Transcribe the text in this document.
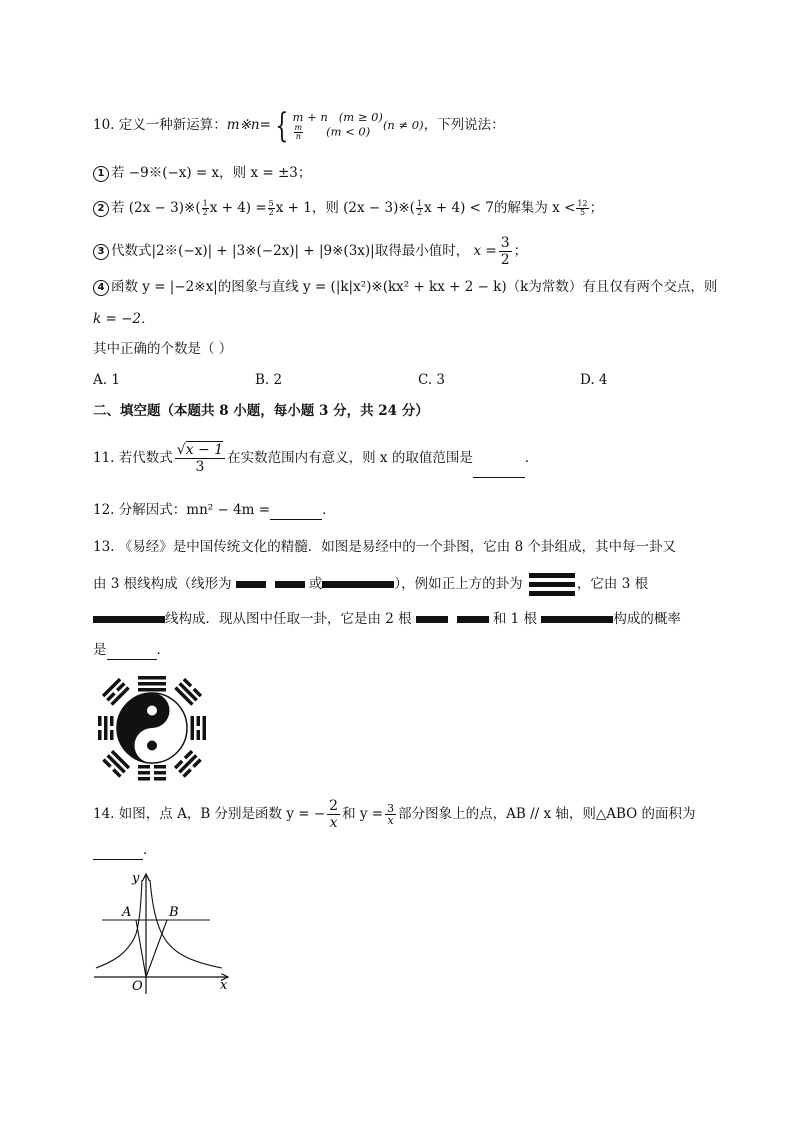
10. 定义一种新运算：m※n= { m + n (m ≥ 0)
$\frac{m}{n} (m < 0)$	(n ≠ 0)，下列说法：
1 若 −9※(−x) = x，则 x = ±3；
2 若 (2x − 3)※( $\frac{1}{2}$ $x + 4) = \frac{5}{2}$ x + 1，则 (2x − 3)※( $\frac{1}{2}$ x + 4) < 7的解集为 $x < \frac{12}{5}$ ；
3 代数式|2※(−x)| + |3※(−2x)| + |9※(3x)|取得最小值时， $x = \frac{3}{2}$ ；
4 函数 y = |−2※x|的图象与直线 y = (|k|x²)※(kx² + kx + 2 − k)（k为常数）有且仅有两个交点，则
k = −2．
其中正确的个数是（ ）
A. 1	B. 2	C. 3	D. 4
二、填空题（本题共 8 小题，每小题 3 分，共 24 分）
11. 若代数式 $\frac{√x - 1}{3}$ 在实数范围内有意义，则 x 的取值范围是	．
12. 分解因式：mn² − 4m =	．
13. 《易经》是中国传统文化的精髓．如图是易经中的一个卦图，它由 8 个卦组成，其中每一卦又
由 3 根线构成（线形为	或	），例如正上方的卦为	，它由 3 根
线构成．现从图中任取一卦，它是由 2 根	和 1 根	构成的概率
是	．
14. 如图，点 A，B 分别是函数 y = − $\frac{2}{x}$ 和 $y = \frac{3}{x}$ 部分图象上的点，AB // x 轴，则△ABO 的面积为
．
y
x
O
A	B
